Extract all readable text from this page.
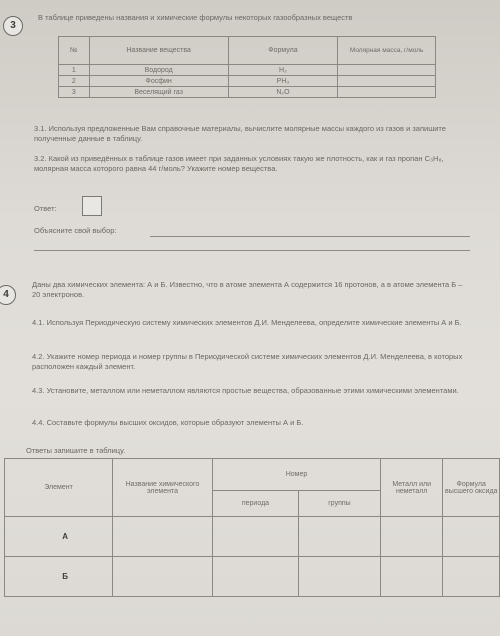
3
В таблице приведены названия и химические формулы некоторых газообразных веществ
№	Название вещества	Формула	Молярная масса, г/моль
1	Водород	H₂	
2	Фосфин	PH₃	
3	Веселящий газ	N₂O	
3.1. Используя предложенные Вам справочные материалы, вычислите молярные массы каждого из газов и запишите полученные данные в таблицу.
3.2. Какой из приведённых в таблице газов имеет при заданных условиях такую же плотность, как и газ пропан C₃H₈, молярная масса которого равна 44 г/моль? Укажите номер вещества.
Ответ:
Объясните свой выбор:
4
Даны два химических элемента: А и Б. Известно, что в атоме элемента А содержится 16 протонов, а в атоме элемента Б – 20 электронов.
4.1. Используя Периодическую систему химических элементов Д.И. Менделеева, определите химические элементы А и Б.
4.2. Укажите номер периода и номер группы в Периодической системе химических элементов Д.И. Менделеева, в которых расположен каждый элемент.
4.3. Установите, металлом или неметаллом являются простые вещества, образованные этими химическими элементами.
4.4. Составьте формулы высших оксидов, которые образуют элементы А и Б.
Ответы запишите в таблицу.
Элемент	Название химического элемента	Номер		Металл или неметалл	Формула высшего оксида
		периода	группы		
А					
Б					
